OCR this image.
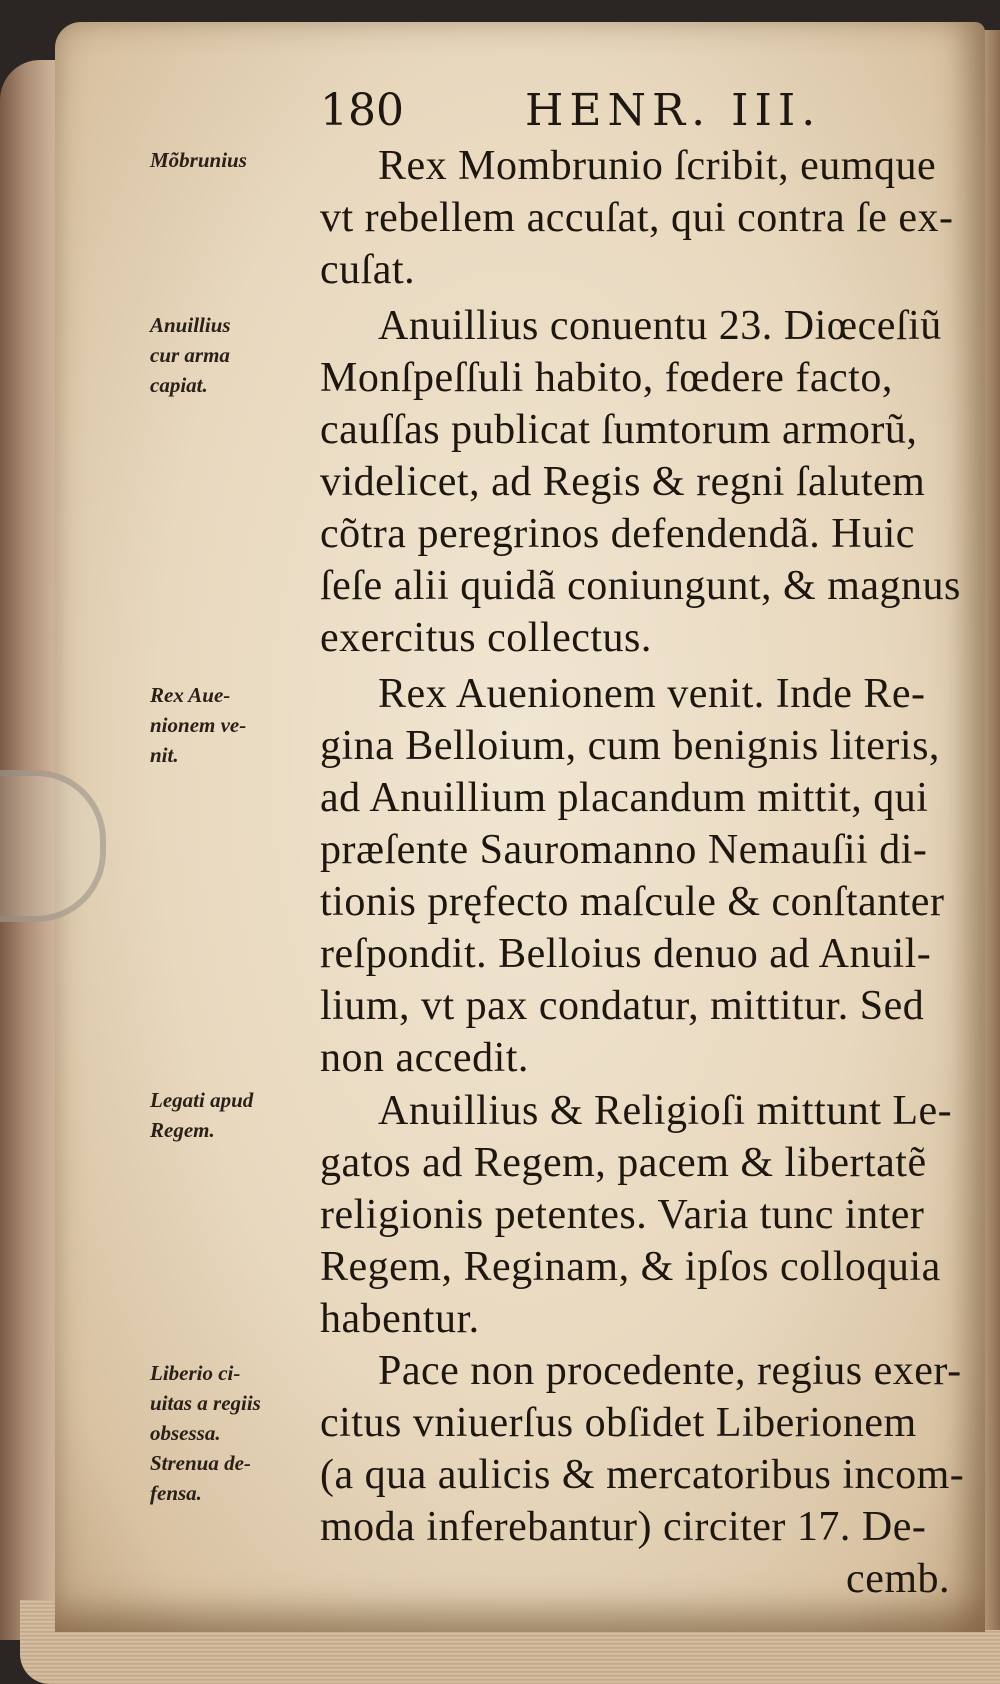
180	HENR. III.
Mõbrunius
Anuillius
cur arma
capiat.
Rex Aue-
nionem ve-
nit.
Legati apud
Regem.
Liberio ci-
uitas a regiis
obsessa.
Strenua de-
fensa.
Rex Mombrunio ſcribit, eumque
vt rebellem accuſat, qui contra ſe ex-
cuſat.
Anuillius conuentu 23. Diœceſiũ
Monſpeſſuli habito, fœdere facto,
cauſſas publicat ſumtorum armorũ,
videlicet, ad Regis & regni ſalutem
cõtra peregrinos defendendã. Huic
ſeſe alii quidã coniungunt, & magnus
exercitus collectus.
Rex Auenionem venit. Inde Re-
gina Belloium, cum benignis literis,
ad Anuillium placandum mittit, qui
præſente Sauromanno Nemauſii di-
tionis pręfecto maſcule & conſtanter
reſpondit. Belloius denuo ad Anuil-
lium, vt pax condatur, mittitur. Sed
non accedit.
Anuillius & Religioſi mittunt Le-
gatos ad Regem, pacem & libertatẽ
religionis petentes. Varia tunc inter
Regem, Reginam, & ipſos colloquia
habentur.
Pace non procedente, regius exer-
citus vniuerſus obſidet Liberionem
(a qua aulicis & mercatoribus incom-
moda inferebantur) circiter 17. De-
cemb.
